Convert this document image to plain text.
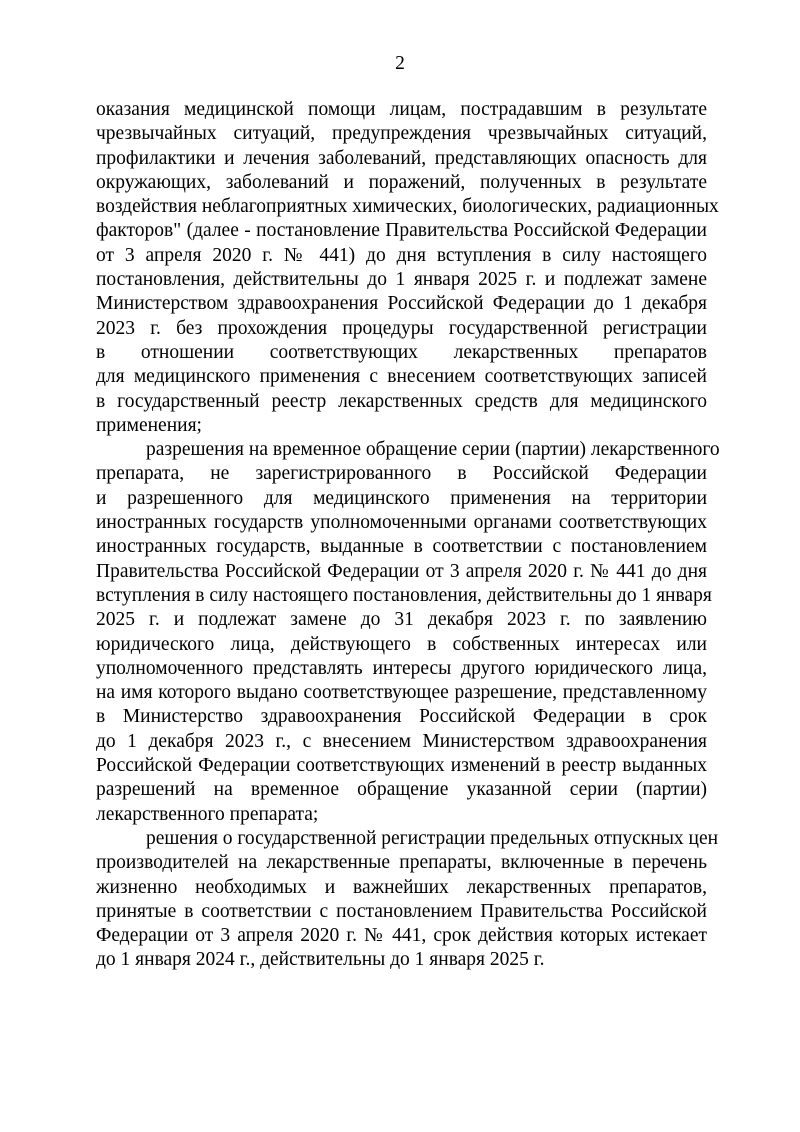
2
оказания медицинской помощи лицам, пострадавшим в результате
чрезвычайных ситуаций, предупреждения чрезвычайных ситуаций,
профилактики и лечения заболеваний, представляющих опасность для
окружающих, заболеваний и поражений, полученных в результате
воздействия неблагоприятных химических, биологических, радиационных
факторов" (далее - постановление Правительства Российской Федерации
от 3 апреля 2020 г. № 441) до дня вступления в силу настоящего
постановления, действительны до 1 января 2025 г. и подлежат замене
Министерством здравоохранения Российской Федерации до 1 декабря
2023 г. без прохождения процедуры государственной регистрации
в отношении соответствующих лекарственных препаратов
для медицинского применения с внесением соответствующих записей
в государственный реестр лекарственных средств для медицинского
применения;
разрешения на временное обращение серии (партии) лекарственного
препарата, не зарегистрированного в Российской Федерации
и разрешенного для медицинского применения на территории
иностранных государств уполномоченными органами соответствующих
иностранных государств, выданные в соответствии с постановлением
Правительства Российской Федерации от 3 апреля 2020 г. № 441 до дня
вступления в силу настоящего постановления, действительны до 1 января
2025 г. и подлежат замене до 31 декабря 2023 г. по заявлению
юридического лица, действующего в собственных интересах или
уполномоченного представлять интересы другого юридического лица,
на имя которого выдано соответствующее разрешение, представленному
в Министерство здравоохранения Российской Федерации в срок
до 1 декабря 2023 г., с внесением Министерством здравоохранения
Российской Федерации соответствующих изменений в реестр выданных
разрешений на временное обращение указанной серии (партии)
лекарственного препарата;
решения о государственной регистрации предельных отпускных цен
производителей на лекарственные препараты, включенные в перечень
жизненно необходимых и важнейших лекарственных препаратов,
принятые в соответствии с постановлением Правительства Российской
Федерации от 3 апреля 2020 г. № 441, срок действия которых истекает
до 1 января 2024 г., действительны до 1 января 2025 г.
